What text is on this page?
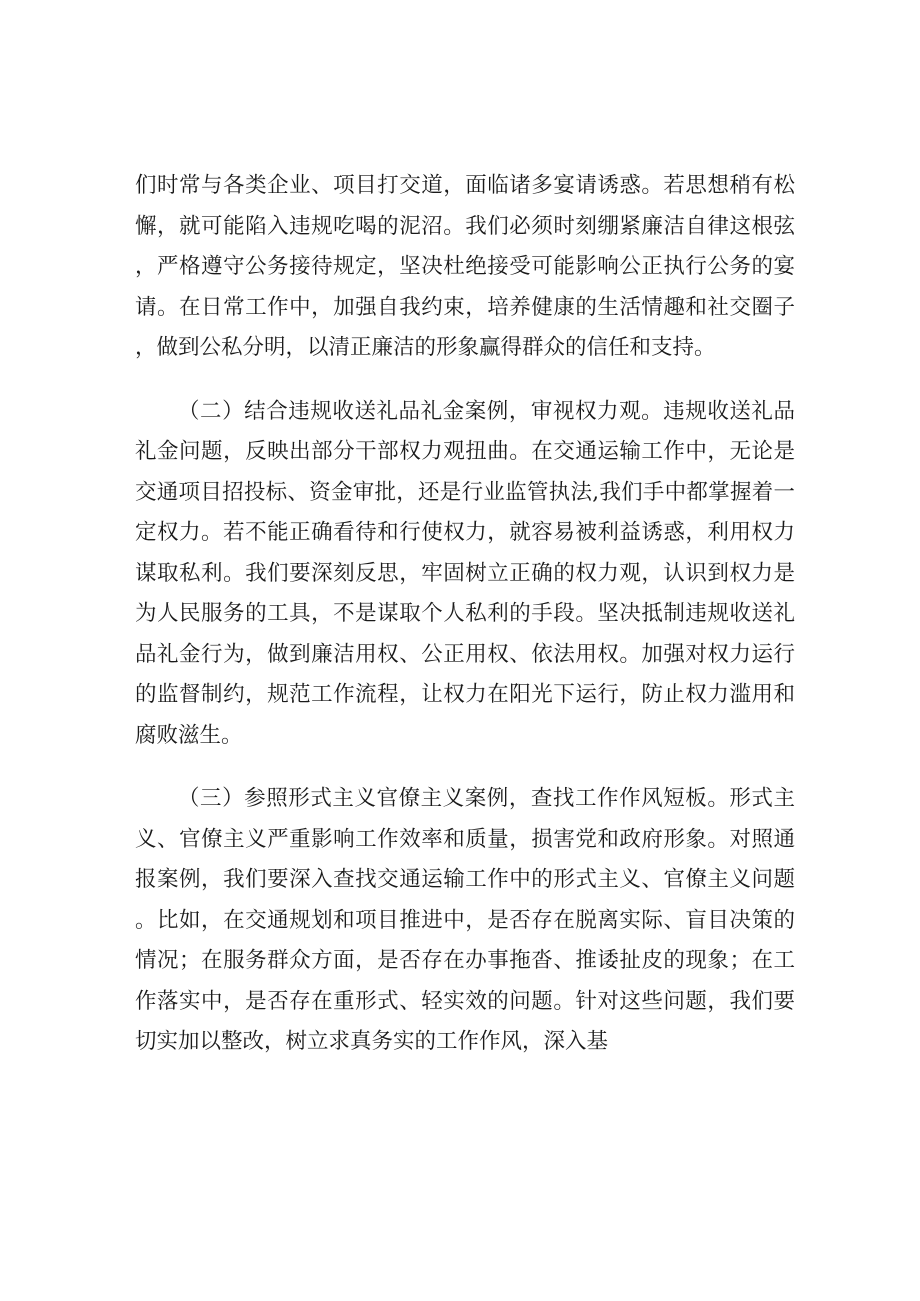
们时常与各类企业、项目打交道，面临诸多宴请诱惑。若思想稍有松懈，就可能陷入违规吃喝的泥沼。我们必须时刻绷紧廉洁自律这根弦，严格遵守公务接待规定，坚决杜绝接受可能影响公正执行公务的宴请。在日常工作中，加强自我约束，培养健康的生活情趣和社交圈子，做到公私分明，以清正廉洁的形象赢得群众的信任和支持。

（二）结合违规收送礼品礼金案例，审视权力观。违规收送礼品礼金问题，反映出部分干部权力观扭曲。在交通运输工作中，无论是交通项目招投标、资金审批，还是行业监管执法,我们手中都掌握着一定权力。若不能正确看待和行使权力，就容易被利益诱惑，利用权力谋取私利。我们要深刻反思，牢固树立正确的权力观，认识到权力是为人民服务的工具，不是谋取个人私利的手段。坚决抵制违规收送礼品礼金行为，做到廉洁用权、公正用权、依法用权。加强对权力运行的监督制约，规范工作流程，让权力在阳光下运行，防止权力滥用和腐败滋生。

（三）参照形式主义官僚主义案例，查找工作作风短板。形式主义、官僚主义严重影响工作效率和质量，损害党和政府形象。对照通报案例，我们要深入查找交通运输工作中的形式主义、官僚主义问题。比如，在交通规划和项目推进中，是否存在脱离实际、盲目决策的情况；在服务群众方面，是否存在办事拖沓、推诿扯皮的现象；在工作落实中，是否存在重形式、轻实效的问题。针对这些问题，我们要切实加以整改，树立求真务实的工作作风，深入基
